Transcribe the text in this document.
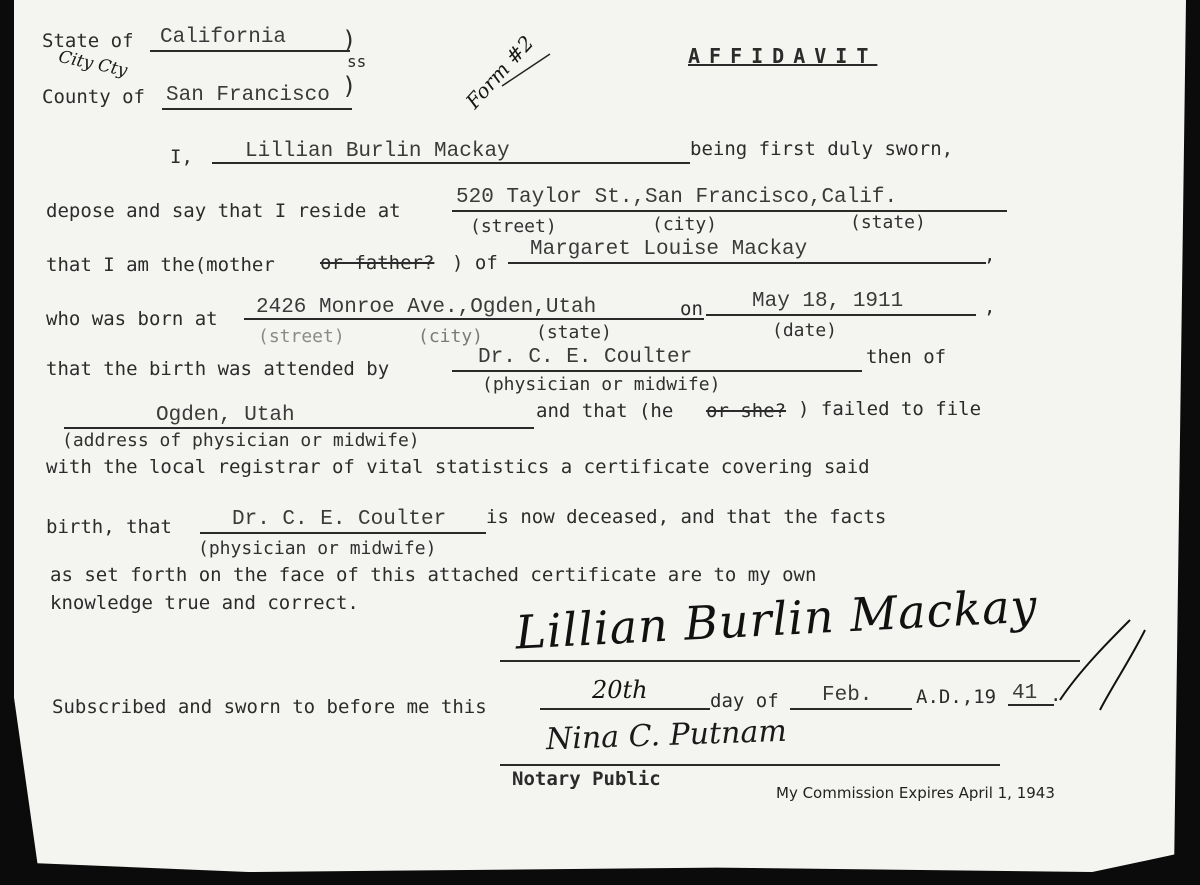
State of California )
ss
)
City Cty
County of San Francisco	Form #2	AFFIDAVIT
I, Lillian Burlin Mackay	being first duly sworn,
depose and say that I reside at
520 Taylor St.,San Francisco,Calif.
(street)	(city)	(state)
that I am the(mother or father? ) of
Margaret Louise Mackay	,
who was born at 2426 Monroe Ave.,Ogden,Utah	on May 18, 1911	,
(street)	(city)	(state)	(date)
that the birth was attended by	Dr. C. E. Coulter	then of
(physician or midwife)
Ogden, Utah	and that (he or she? ) failed to file
(address of physician or midwife)
with the local registrar of vital statistics a certificate covering said
birth, that	Dr. C. E. Coulter is now deceased, and that the facts
(physician or midwife)
as set forth on the face of this attached certificate are to my own
knowledge true and correct.	Lillian Burlin Mackay
Subscribed and sworn to before me this
20th	day of Feb. A.D.,19 41 .
Nina C. Putnam
Notary Public
My Commission Expires April 1, 1943
